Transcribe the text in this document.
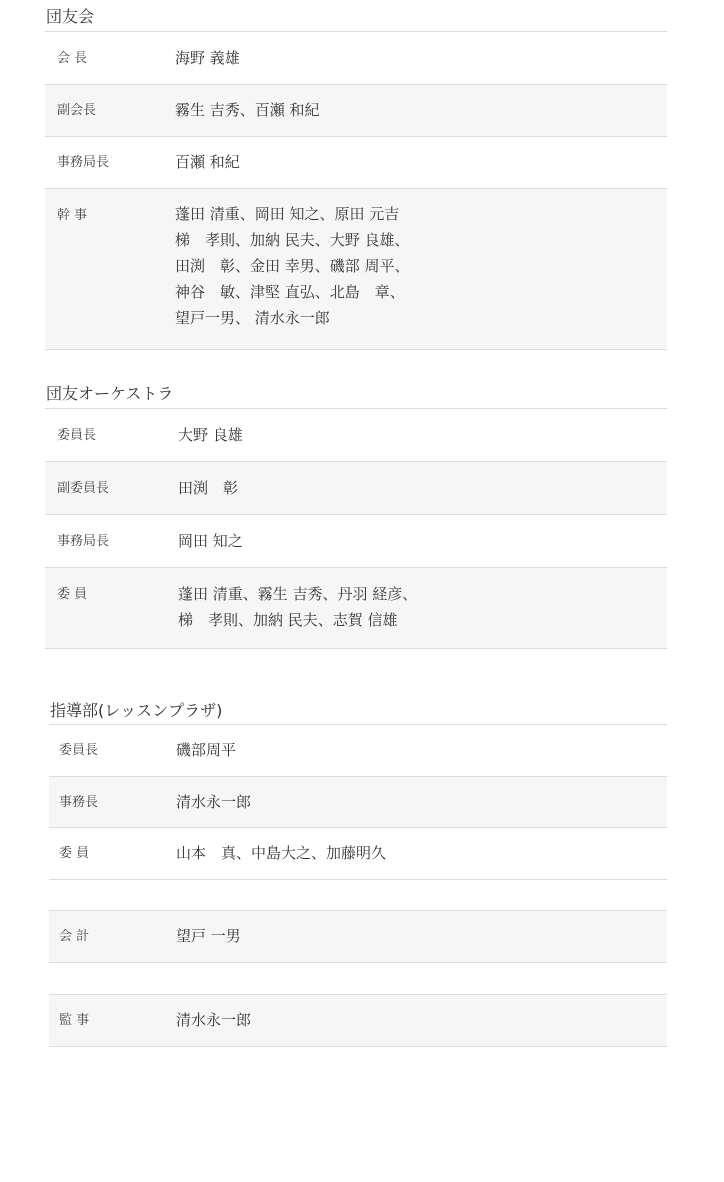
団友会
会 長	海野 義雄
副会長	霧生 吉秀、百瀬 和紀
事務局長	百瀬 和紀
幹 事	蓬田 清重、岡田 知之、原田 元吉
梯　孝則、加納 民夫、大野 良雄、
田渕　彰、金田 幸男、磯部 周平、
神谷　敏、津堅 直弘、北島　章、
望戸一男、 清水永一郎
団友オーケストラ
委員長	大野 良雄
副委員長	田渕　彰
事務局長	岡田 知之
委 員	蓬田 清重、霧生 吉秀、丹羽 経彦、
梯　孝則、加納 民夫、志賀 信雄
指導部(レッスンプラザ)
委員長	磯部周平
事務長	清水永一郎
委 員	山本　真、中島大之、加藤明久
会 計	望戸 一男
監 事	清水永一郎
